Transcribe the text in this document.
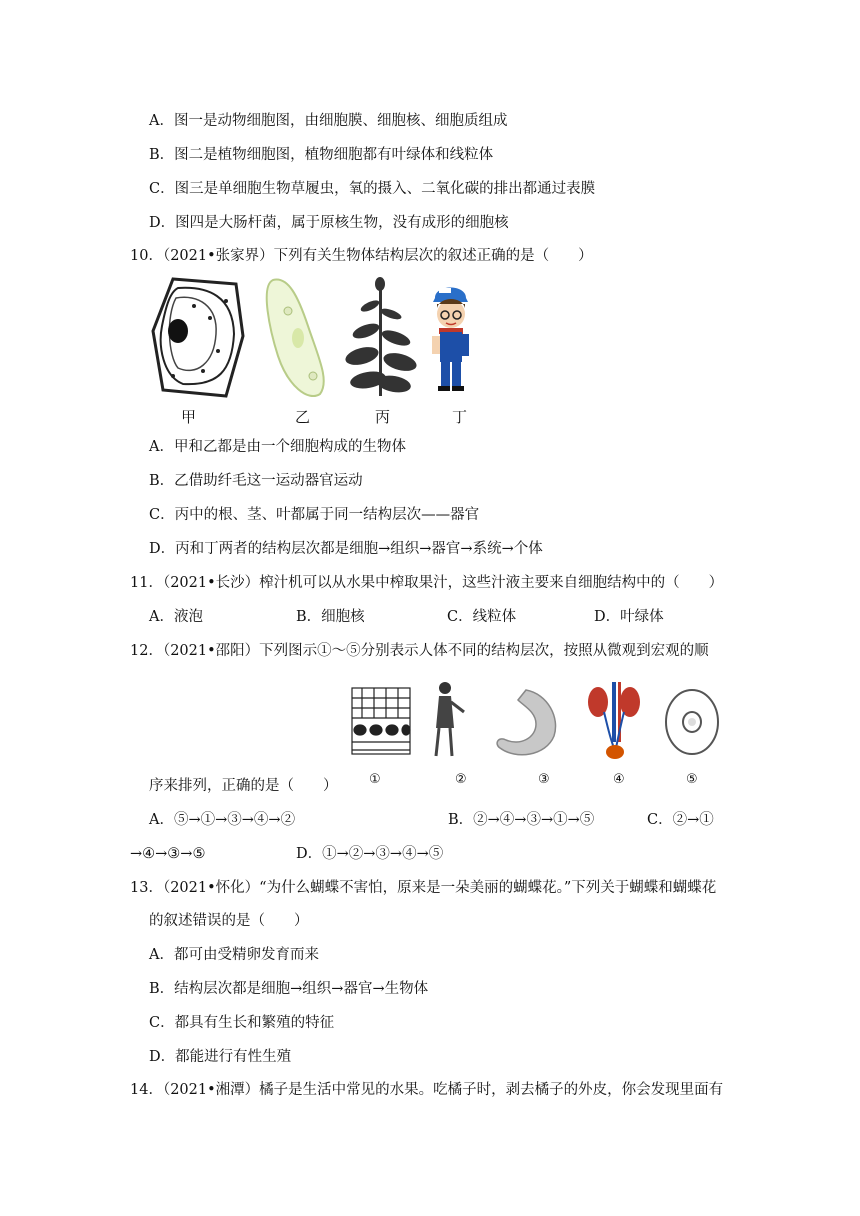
A．图一是动物细胞图，由细胞膜、细胞核、细胞质组成
B．图二是植物细胞图，植物细胞都有叶绿体和线粒体
C．图三是单细胞生物草履虫，氧的摄入、二氧化碳的排出都通过表膜
D．图四是大肠杆菌，属于原核生物，没有成形的细胞核
10．（2021•张家界）下列有关生物体结构层次的叙述正确的是（　　）
甲	乙	丙	丁
A．甲和乙都是由一个细胞构成的生物体
B．乙借助纤毛这一运动器官运动
C．丙中的根、茎、叶都属于同一结构层次——器官
D．丙和丁两者的结构层次都是细胞→组织→器官→系统→个体
11．（2021•长沙）榨汁机可以从水果中榨取果汁，这些汁液主要来自细胞结构中的（　　）
A．液泡	B．细胞核	C．线粒体	D．叶绿体
12．（2021•邵阳）下列图示①～⑤分别表示人体不同的结构层次，按照从微观到宏观的顺
①	②	③	④	⑤
序来排列，正确的是（　　）
A．⑤→①→③→④→②	B．②→④→③→①→⑤	C．②→①
→④→③→⑤	D．①→②→③→④→⑤
13．（2021•怀化）“为什么蝴蝶不害怕，原来是一朵美丽的蝴蝶花。”下列关于蝴蝶和蝴蝶花
的叙述错误的是（　　）
A．都可由受精卵发育而来
B．结构层次都是细胞→组织→器官→生物体
C．都具有生长和繁殖的特征
D．都能进行有性生殖
14．（2021•湘潭）橘子是生活中常见的水果。吃橘子时，剥去橘子的外皮，你会发现里面有
